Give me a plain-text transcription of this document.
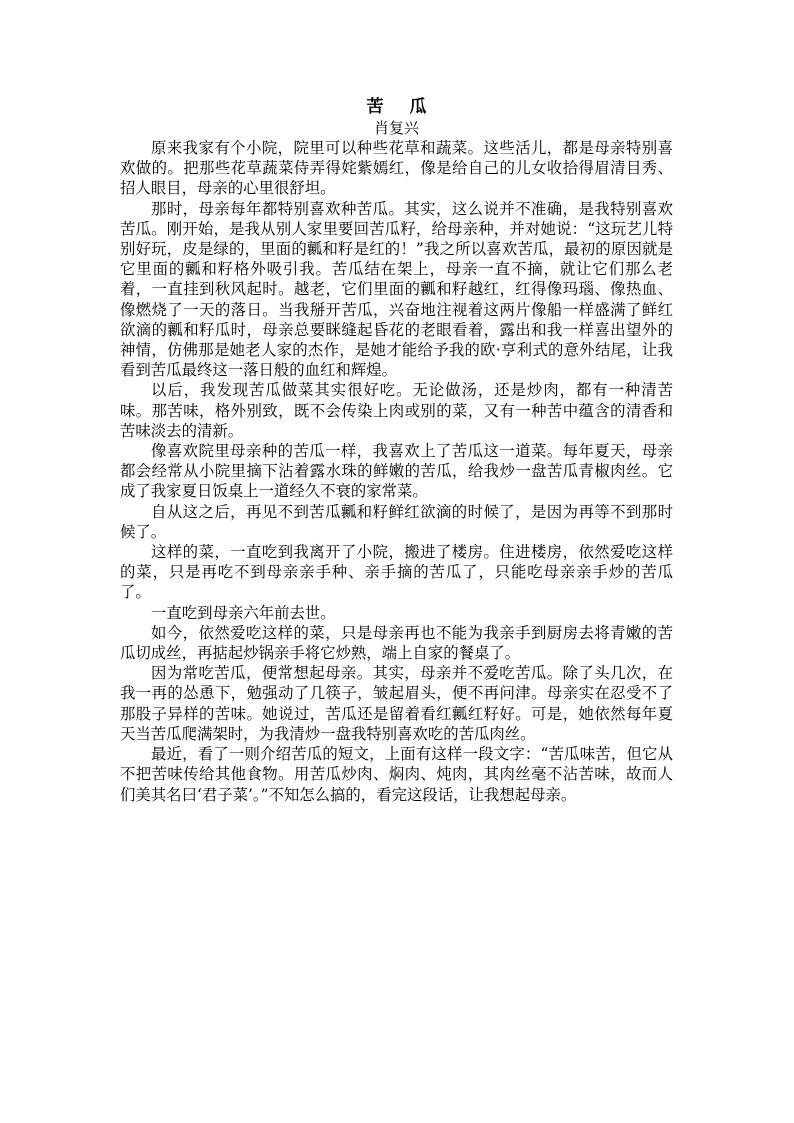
苦 瓜

肖复兴

原来我家有个小院，院里可以种些花草和蔬菜。这些活儿，都是母亲特别喜欢做的。把那些花草蔬菜侍弄得姹紫嫣红，像是给自己的儿女收拾得眉清目秀、招人眼目，母亲的心里很舒坦。

那时，母亲每年都特别喜欢种苦瓜。其实，这么说并不准确，是我特别喜欢苦瓜。刚开始，是我从别人家里要回苦瓜籽，给母亲种，并对她说：“这玩艺儿特别好玩，皮是绿的，里面的瓤和籽是红的！”我之所以喜欢苦瓜，最初的原因就是它里面的瓤和籽格外吸引我。苦瓜结在架上，母亲一直不摘，就让它们那么老着，一直挂到秋风起时。越老，它们里面的瓤和籽越红，红得像玛瑙、像热血、像燃烧了一天的落日。当我掰开苦瓜，兴奋地注视着这两片像船一样盛满了鲜红欲滴的瓤和籽瓜时，母亲总要眯缝起昏花的老眼看着，露出和我一样喜出望外的神情，仿佛那是她老人家的杰作，是她才能给予我的欧·亨利式的意外结尾，让我看到苦瓜最终这一落日般的血红和辉煌。

以后，我发现苦瓜做菜其实很好吃。无论做汤，还是炒肉，都有一种清苦味。那苦味，格外别致，既不会传染上肉或别的菜，又有一种苦中蕴含的清香和苦味淡去的清新。

像喜欢院里母亲种的苦瓜一样，我喜欢上了苦瓜这一道菜。每年夏天，母亲都会经常从小院里摘下沾着露水珠的鲜嫩的苦瓜，给我炒一盘苦瓜青椒肉丝。它成了我家夏日饭桌上一道经久不衰的家常菜。

自从这之后，再见不到苦瓜瓤和籽鲜红欲滴的时候了，是因为再等不到那时候了。

这样的菜，一直吃到我离开了小院，搬进了楼房。住进楼房，依然爱吃这样的菜，只是再吃不到母亲亲手种、亲手摘的苦瓜了，只能吃母亲亲手炒的苦瓜了。

一直吃到母亲六年前去世。

如今，依然爱吃这样的菜，只是母亲再也不能为我亲手到厨房去将青嫩的苦瓜切成丝，再掂起炒锅亲手将它炒熟，端上自家的餐桌了。

因为常吃苦瓜，便常想起母亲。其实，母亲并不爱吃苦瓜。除了头几次，在我一再的怂恿下，勉强动了几筷子，皱起眉头，便不再问津。母亲实在忍受不了那股子异样的苦味。她说过，苦瓜还是留着看红瓤红籽好。可是，她依然每年夏天当苦瓜爬满架时，为我清炒一盘我特别喜欢吃的苦瓜肉丝。

最近，看了一则介绍苦瓜的短文，上面有这样一段文字：“苦瓜味苦，但它从不把苦味传给其他食物。用苦瓜炒肉、焖肉、炖肉，其肉丝毫不沾苦味，故而人们美其名曰‘君子菜’。”不知怎么搞的，看完这段话，让我想起母亲。
